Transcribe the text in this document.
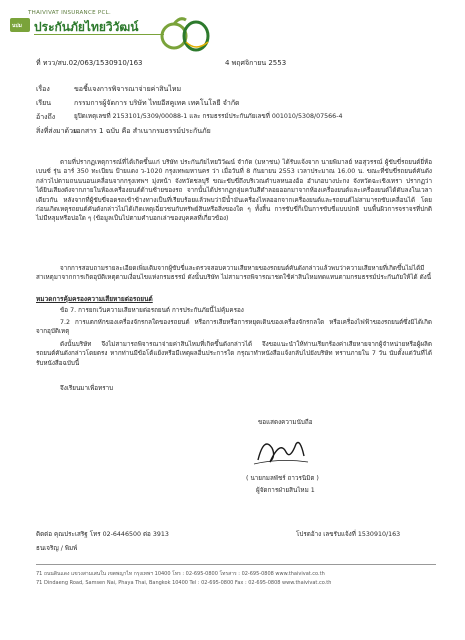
THAIVIVAT INSURANCE PCL.
นปม ประกันภัยไทยวิวัฒน์
ที่ ทวว/สบ.02/063/1530910/163	4 พฤศจิกายน 2553
เรื่อง	ขอชี้แจงการพิจารณาจ่ายค่าสินไหม
เรียน	กรรมการผู้จัดการ บริษัท ไทยอีสคูเทค เทคโนโลยี จำกัด
อ้างถึง	ยูปิดเหตุเลขที่ 2153101/5309/00088-1 และ กรมธรรม์ประกันภัยเลขที่ 001010/5308/07566-4
สิ่งที่ส่งมาด้วย
เอกสาร 1 ฉบับ คือ สำเนากรมธรรม์ประกันภัย
ตามที่ปรากฏเหตุการณ์ที่ได้เกิดขึ้นแก่ บริษัท ประกันภัยไทยวิวัฒน์ จำกัด (มหาชน) ได้รับแจ้งจาก นายพิมาลย์ หอสุวรรณ์ ผู้ขับขี่รถยนต์ยี่ห้อ เบนซ์ รุ่น อาร์ 350 ทะเบียน ป้ายแดง ว-1020 กรุงเทพมหานคร ว่า เมื่อวันที่ 8 กันยายน 2553 เวลาประมาณ 16.00 น. ขณะที่ขับขี่รถยนต์คันดังกล่าวไปตามถนนนอนเคลื่อนจากกรุงเทพฯ มุ่งหน้า จังหวัดชลบุรี ขณะขับขี่ถึงบริเวณตำบลหนองอ้อ อำเภอบางปะกง จังหวัดฉะเชิงเทรา ปรากฏว่าได้ยินเสียงดังจากภายในห้องเครื่องยนต์ด้านซ้ายของรถ จากนั้นได้ปรากฏกลุ่มควันสีดำลอยออกมาจากห้องเครื่องยนต์และเครื่องยนต์ได้ดับลงในเวลาเดียวกัน หลังจากที่ผู้ขับขี่จอดรถเข้าข้างทางเป็นที่เรียบร้อยแล้วพบว่ามีน้ำมันเครื่องไหลออกจากเครื่องยนต์และรถยนต์ไม่สามารถขับเคลื่อนได้ โดยก่อนเกิดเหตุรถยนต์คันดังกล่าวไม่ได้เกิดเหตุเฉี่ยวชนกับทรัพย์สินหรือสิ่งของใด ๆ ทั้งสิ้น การขับขี่ก็เป็นการขับขี่แบบปกติ บนพื้นผิวการจราจรที่ปกติไม่มีหลุมหรือบ่อใด ๆ (ข้อมูลเป็นไปตามคำบอกเล่าของบุคคลที่เกี่ยวข้อง)
จากการสอบถามรายละเอียดเพิ่มเติมจากผู้ขับขี่และตรวจสอบความเสียหายของรถยนต์คันดังกล่าวแล้วพบว่าความเสียหายที่เกิดขึ้นไม่ได้มีสาเหตุมาจากการเกิดอุบัติเหตุตามเงื่อนไขแห่งกรมธรรม์ ดังนั้นบริษัท ไม่สามารถพิจารณาชดใช้ค่าสินไหมทดแทนตามกรมธรรม์ประกันภัยให้ได้ ดังนี้
หมวดการคุ้มครองความเสียหายต่อรถยนต์
ข้อ 7. การยกเว้นความเสียหายต่อรถยนต์ การประกันภัยนี้ไม่คุ้มครอง
7.2 การแตกหักของเครื่องจักรกลใดของรถยนต์ หรือการเสียหรือการหยุดเดินของเครื่องจักรกลใด หรือเครื่องไฟฟ้าของรถยนต์ซึ่งมิได้เกิดจากอุบัติเหตุ
ดังนั้นบริษัท จึงไม่สามารถพิจารณาจ่ายค่าสินไหมที่เกิดขึ้นดังกล่าวได้ จึงขอแนะนำให้ท่านเรียกร้องค่าเสียหายจากผู้จำหน่ายหรือผู้ผลิตรถยนต์คันดังกล่าวโดยตรง หากท่านมีข้อโต้แย้งหรือมีเหตุผลอื่นประการใด กรุณาทำหนังสือแจ้งกลับไปยังบริษัท ทราบภายใน 7 วัน นับตั้งแต่วันที่ได้รับหนังสือฉบับนี้
จึงเรียนมาเพื่อทราบ
ขอแสดงความนับถือ
( นายกมลพัชร์ ถาวรนิมิต )
ผู้จัดการฝ่ายสินไหม 1
ติดต่อ คุณประเสริฐ โทร 02-6446500 ต่อ 3913
ธนเจริญ / พิมพ์
โปรดอ้าง เลขรับแจ้งที่ 1530910/163
71 ถนนดินแดง แขวงสามเสนใน เขตพญาไท กรุงเทพฯ 10400 โทร : 02-695-0800 โทรสาร : 02-695-0808 www.thaivivat.co.th
71 Dindaeng Road, Samsen Nai, Phaya Thai, Bangkok 10400 Tel : 02-695-0800 Fax : 02-695-0808 www.thaivivat.co.th
